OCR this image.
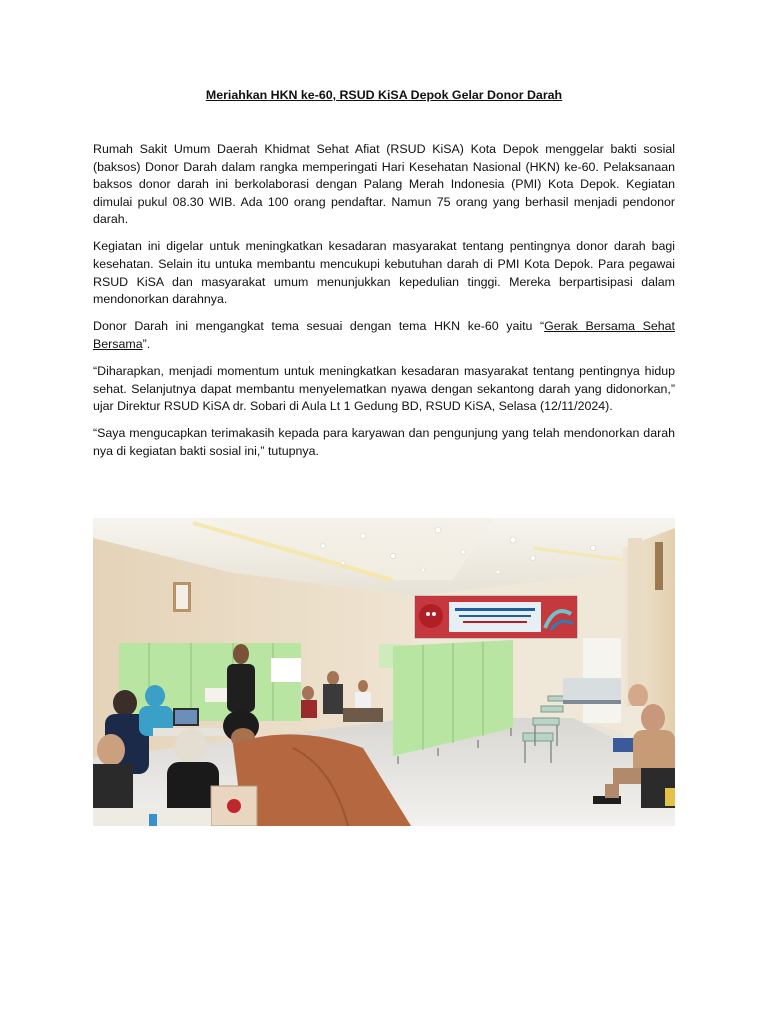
Meriahkan HKN ke-60, RSUD KiSA Depok Gelar Donor Darah

Rumah Sakit Umum Daerah Khidmat Sehat Afiat (RSUD KiSA) Kota Depok menggelar bakti sosial (baksos) Donor Darah dalam rangka memperingati Hari Kesehatan Nasional (HKN) ke-60. Pelaksanaan baksos donor darah ini berkolaborasi dengan Palang Merah Indonesia (PMI) Kota Depok. Kegiatan dimulai pukul 08.30 WIB. Ada 100 orang pendaftar. Namun 75 orang yang berhasil menjadi pendonor darah.

Kegiatan ini digelar untuk meningkatkan kesadaran masyarakat tentang pentingnya donor darah bagi kesehatan. Selain itu untuka membantu mencukupi kebutuhan darah di PMI Kota Depok. Para pegawai RSUD KiSA dan masyarakat umum menunjukkan kepedulian tinggi. Mereka berpartisipasi dalam mendonorkan darahnya.

Donor Darah ini mengangkat tema sesuai dengan tema HKN ke-60 yaitu “Gerak Bersama Sehat Bersama”.

“Diharapkan, menjadi momentum untuk meningkatkan kesadaran masyarakat tentang pentingnya hidup sehat. Selanjutnya dapat membantu menyelematkan nyawa dengan sekantong darah yang didonorkan,” ujar Direktur RSUD KiSA dr. Sobari di Aula Lt 1 Gedung BD, RSUD KiSA, Selasa (12/11/2024).

“Saya mengucapkan terimakasih kepada para karyawan dan pengunjung yang telah mendonorkan darah nya di kegiatan bakti sosial ini,” tutupnya.
